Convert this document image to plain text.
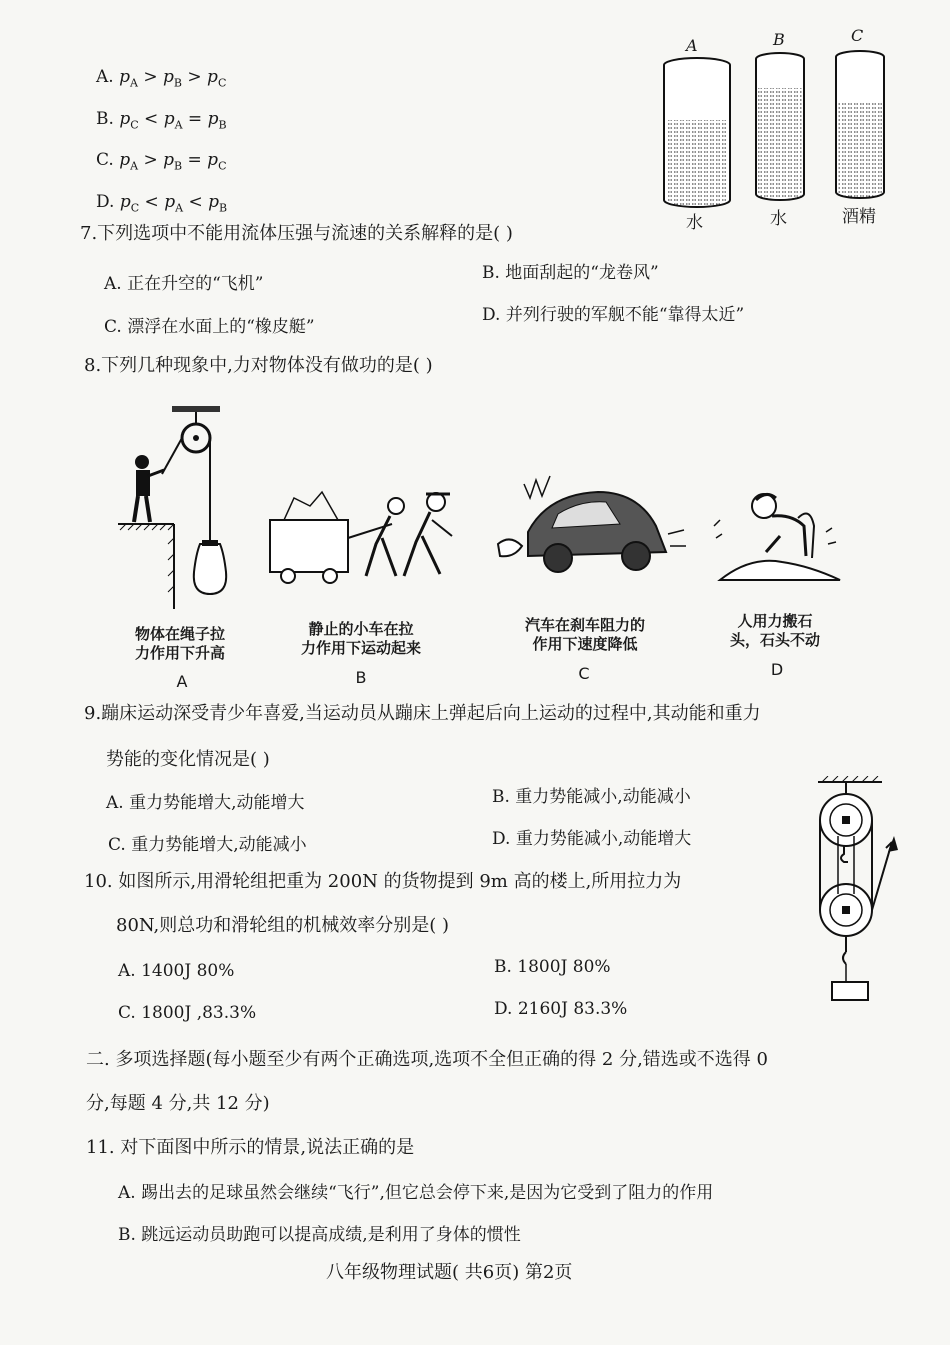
A. $p_A > p_B > p_C$
B. $p_C < p_A = p_B$
C. $p_A > p_B = p_C$
D. $p_C < p_A < p_B$
A	B	C
水	水	酒精
7.下列选项中不能用流体压强与流速的关系解释的是( )
A. 正在升空的“飞机”
B. 地面刮起的“龙卷风”
C. 漂浮在水面上的“橡皮艇”
D. 并列行驶的军舰不能“靠得太近”
8.下列几种现象中,力对物体没有做功的是( )
物体在绳子拉
力作用下升高
A
静止的小车在拉
力作用下运动起来
B
汽车在刹车阻力的
作用下速度降低
C
人用力搬石
头，石头不动
D
9.蹦床运动深受青少年喜爱,当运动员从蹦床上弹起后向上运动的过程中,其动能和重力
势能的变化情况是( )
A. 重力势能增大,动能增大	B. 重力势能减小,动能减小
C. 重力势能增大,动能减小	D. 重力势能减小,动能增大
10. 如图所示,用滑轮组把重为 200N 的货物提到 9m 高的楼上,所用拉力为
80N,则总功和滑轮组的机械效率分别是( )
A. 1400J 80%	B. 1800J 80%
C. 1800J ,83.3%	D. 2160J 83.3%
二. 多项选择题(每小题至少有两个正确选项,选项不全但正确的得 2 分,错选或不选得 0
分,每题 4 分,共 12 分)
11. 对下面图中所示的情景,说法正确的是
A. 踢出去的足球虽然会继续“飞行”,但它总会停下来,是因为它受到了阻力的作用
B. 跳远运动员助跑可以提高成绩,是利用了身体的惯性
八年级物理试题( 共6页) 第2页
